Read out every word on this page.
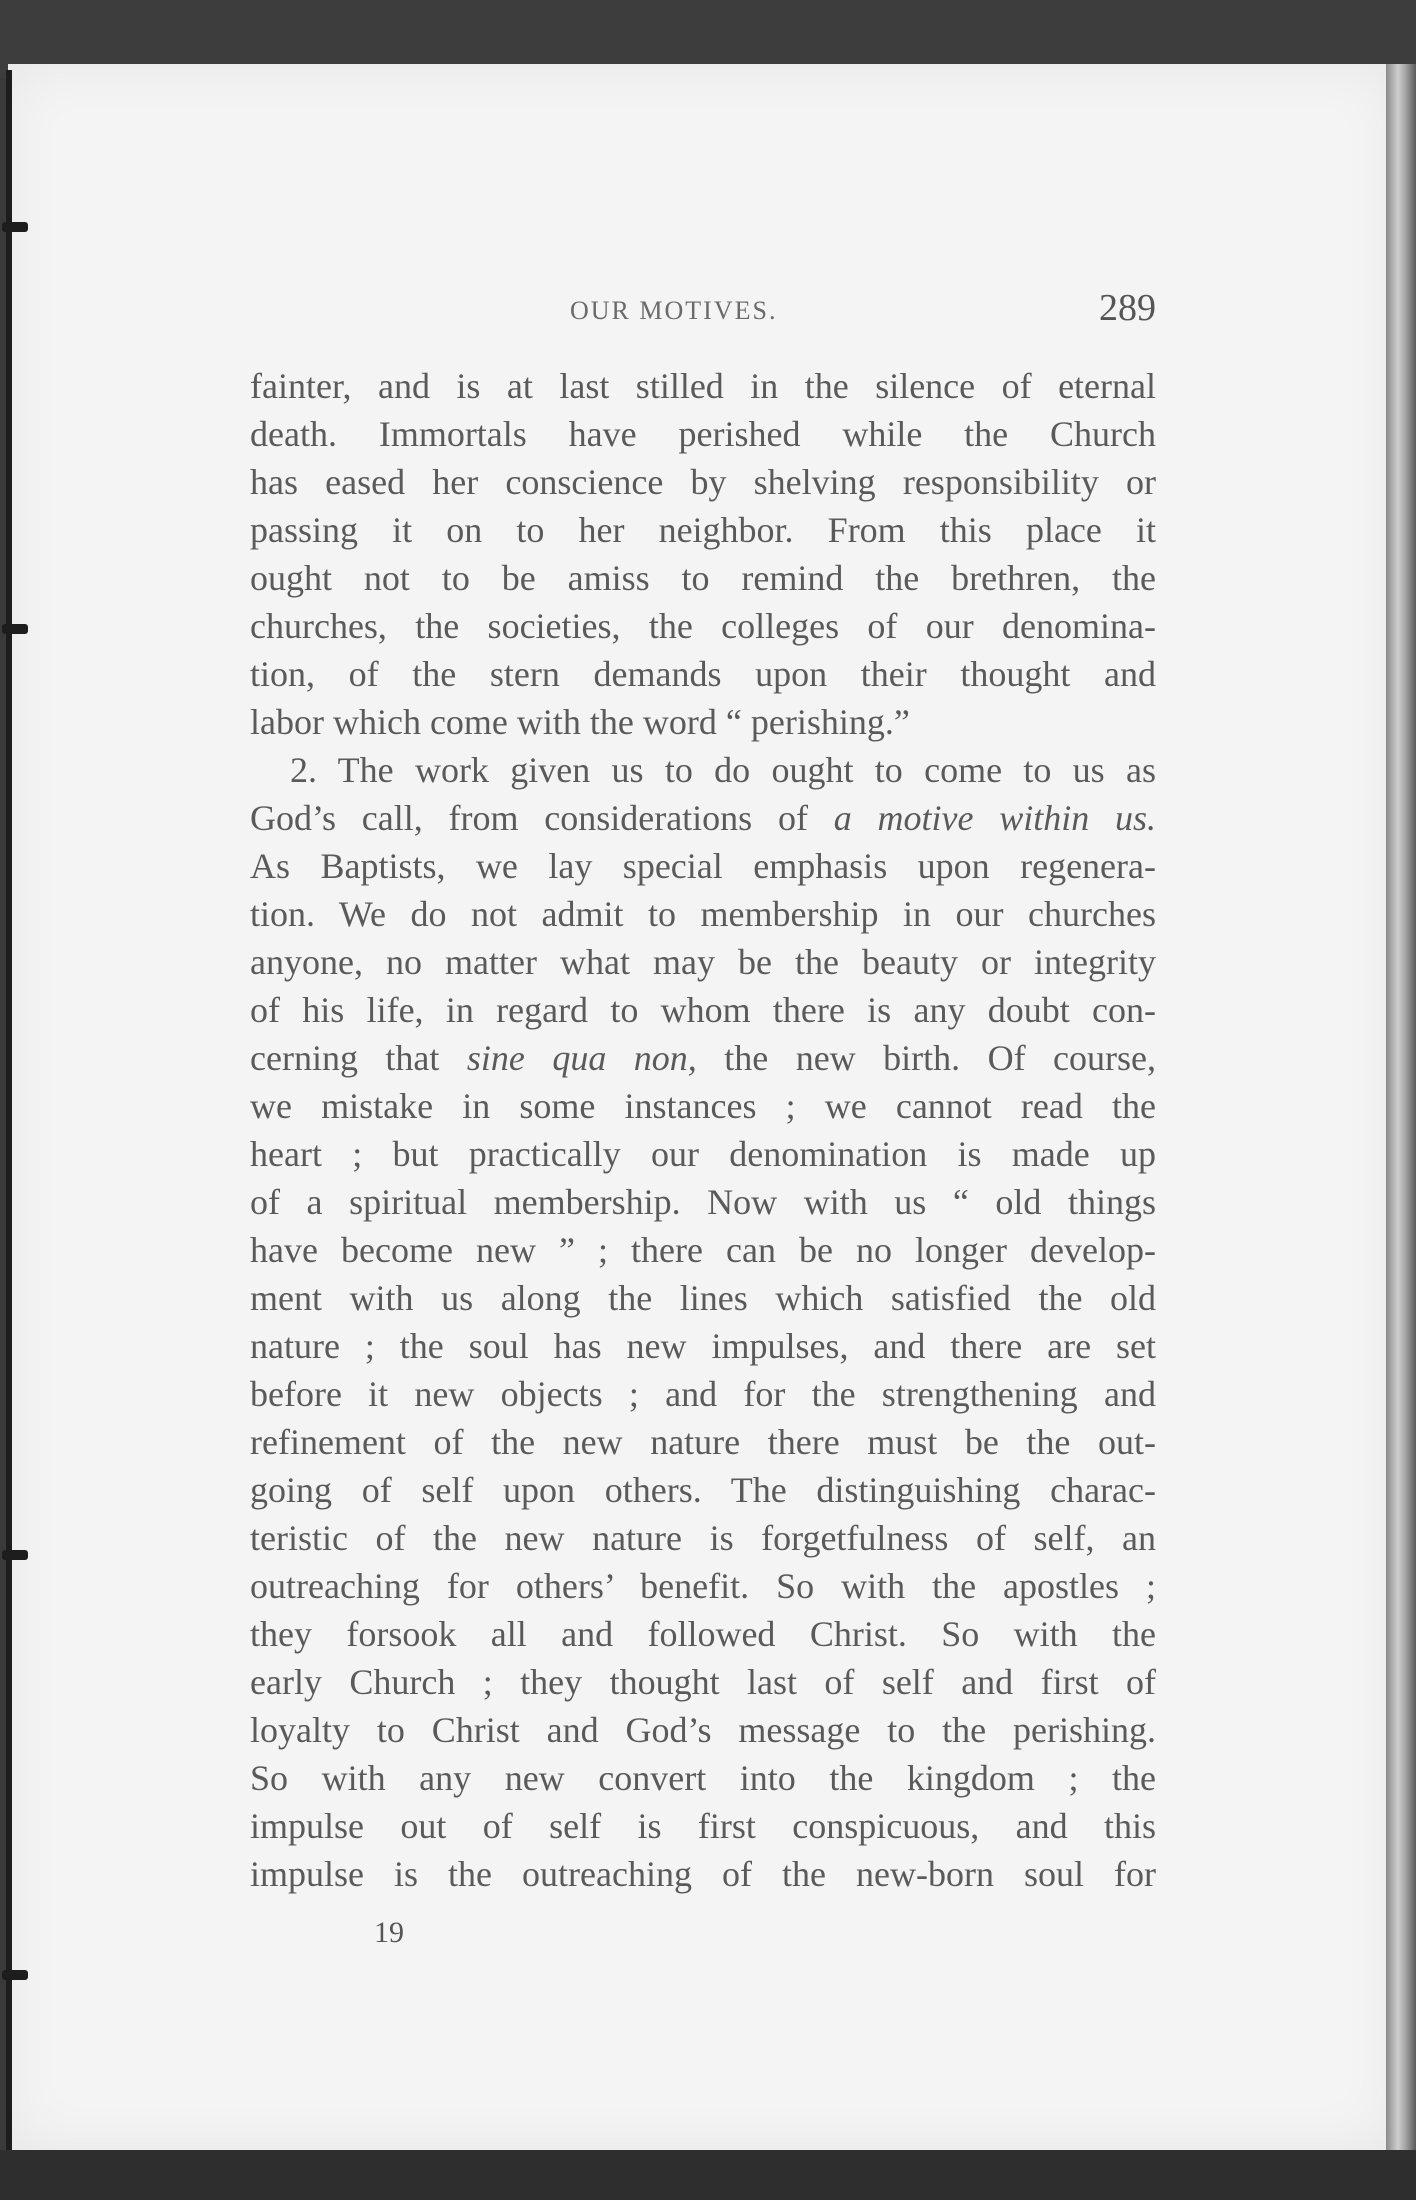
OUR MOTIVES.	289
fainter, and is at last stilled in the silence of eternal
death. Immortals have perished while the Church
has eased her conscience by shelving responsibility or
passing it on to her neighbor. From this place it
ought not to be amiss to remind the brethren, the
churches, the societies, the colleges of our denomina-
tion, of the stern demands upon their thought and
labor which come with the word “ perishing.”
2. The work given us to do ought to come to us as
God’s call, from considerations of a motive within us.
As Baptists, we lay special emphasis upon regenera-
tion. We do not admit to membership in our churches
anyone, no matter what may be the beauty or integrity
of his life, in regard to whom there is any doubt con-
cerning that sine qua non, the new birth. Of course,
we mistake in some instances ; we cannot read the
heart ; but practically our denomination is made up
of a spiritual membership. Now with us “ old things
have become new ” ; there can be no longer develop-
ment with us along the lines which satisfied the old
nature ; the soul has new impulses, and there are set
before it new objects ; and for the strengthening and
refinement of the new nature there must be the out-
going of self upon others. The distinguishing charac-
teristic of the new nature is forgetfulness of self, an
outreaching for others’ benefit. So with the apostles ;
they forsook all and followed Christ. So with the
early Church ; they thought last of self and first of
loyalty to Christ and God’s message to the perishing.
So with any new convert into the kingdom ; the
impulse out of self is first conspicuous, and this
impulse is the outreaching of the new-born soul for
19
